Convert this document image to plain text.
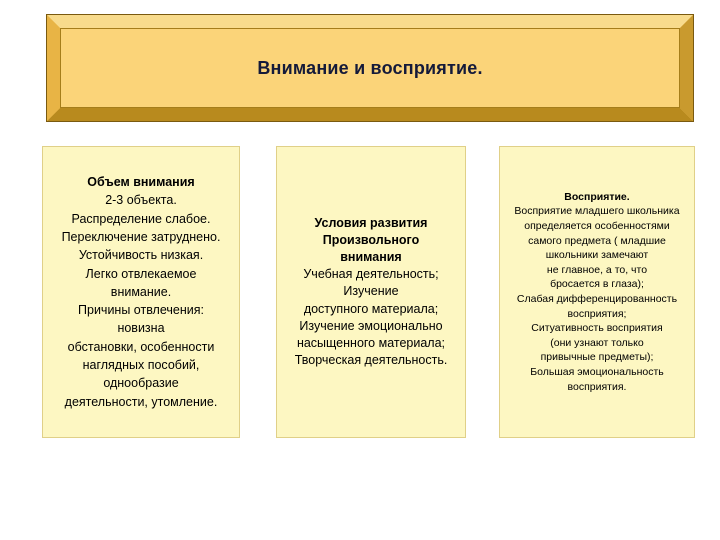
Внимание и восприятие.
Объем внимания
2-3 объекта.
Распределение слабое.
Переключение затруднено.
Устойчивость низкая.
Легко отвлекаемое
внимание.
Причины отвлечения:
новизна
обстановки, особенности
наглядных пособий,
однообразие
деятельности, утомление.
Условия развития
Произвольного
внимания
Учебная деятельность;
Изучение
доступного материала;
Изучение эмоционально
насыщенного материала;
Творческая деятельность.
Восприятие.
Восприятие младшего школьника
определяется особенностями
самого предмета ( младшие
школьники замечают
не главное, а то, что
бросается в глаза);
Слабая дифференцированность
восприятия;
Ситуативность восприятия
(они узнают только
привычные предметы);
Большая эмоциональность
восприятия.
